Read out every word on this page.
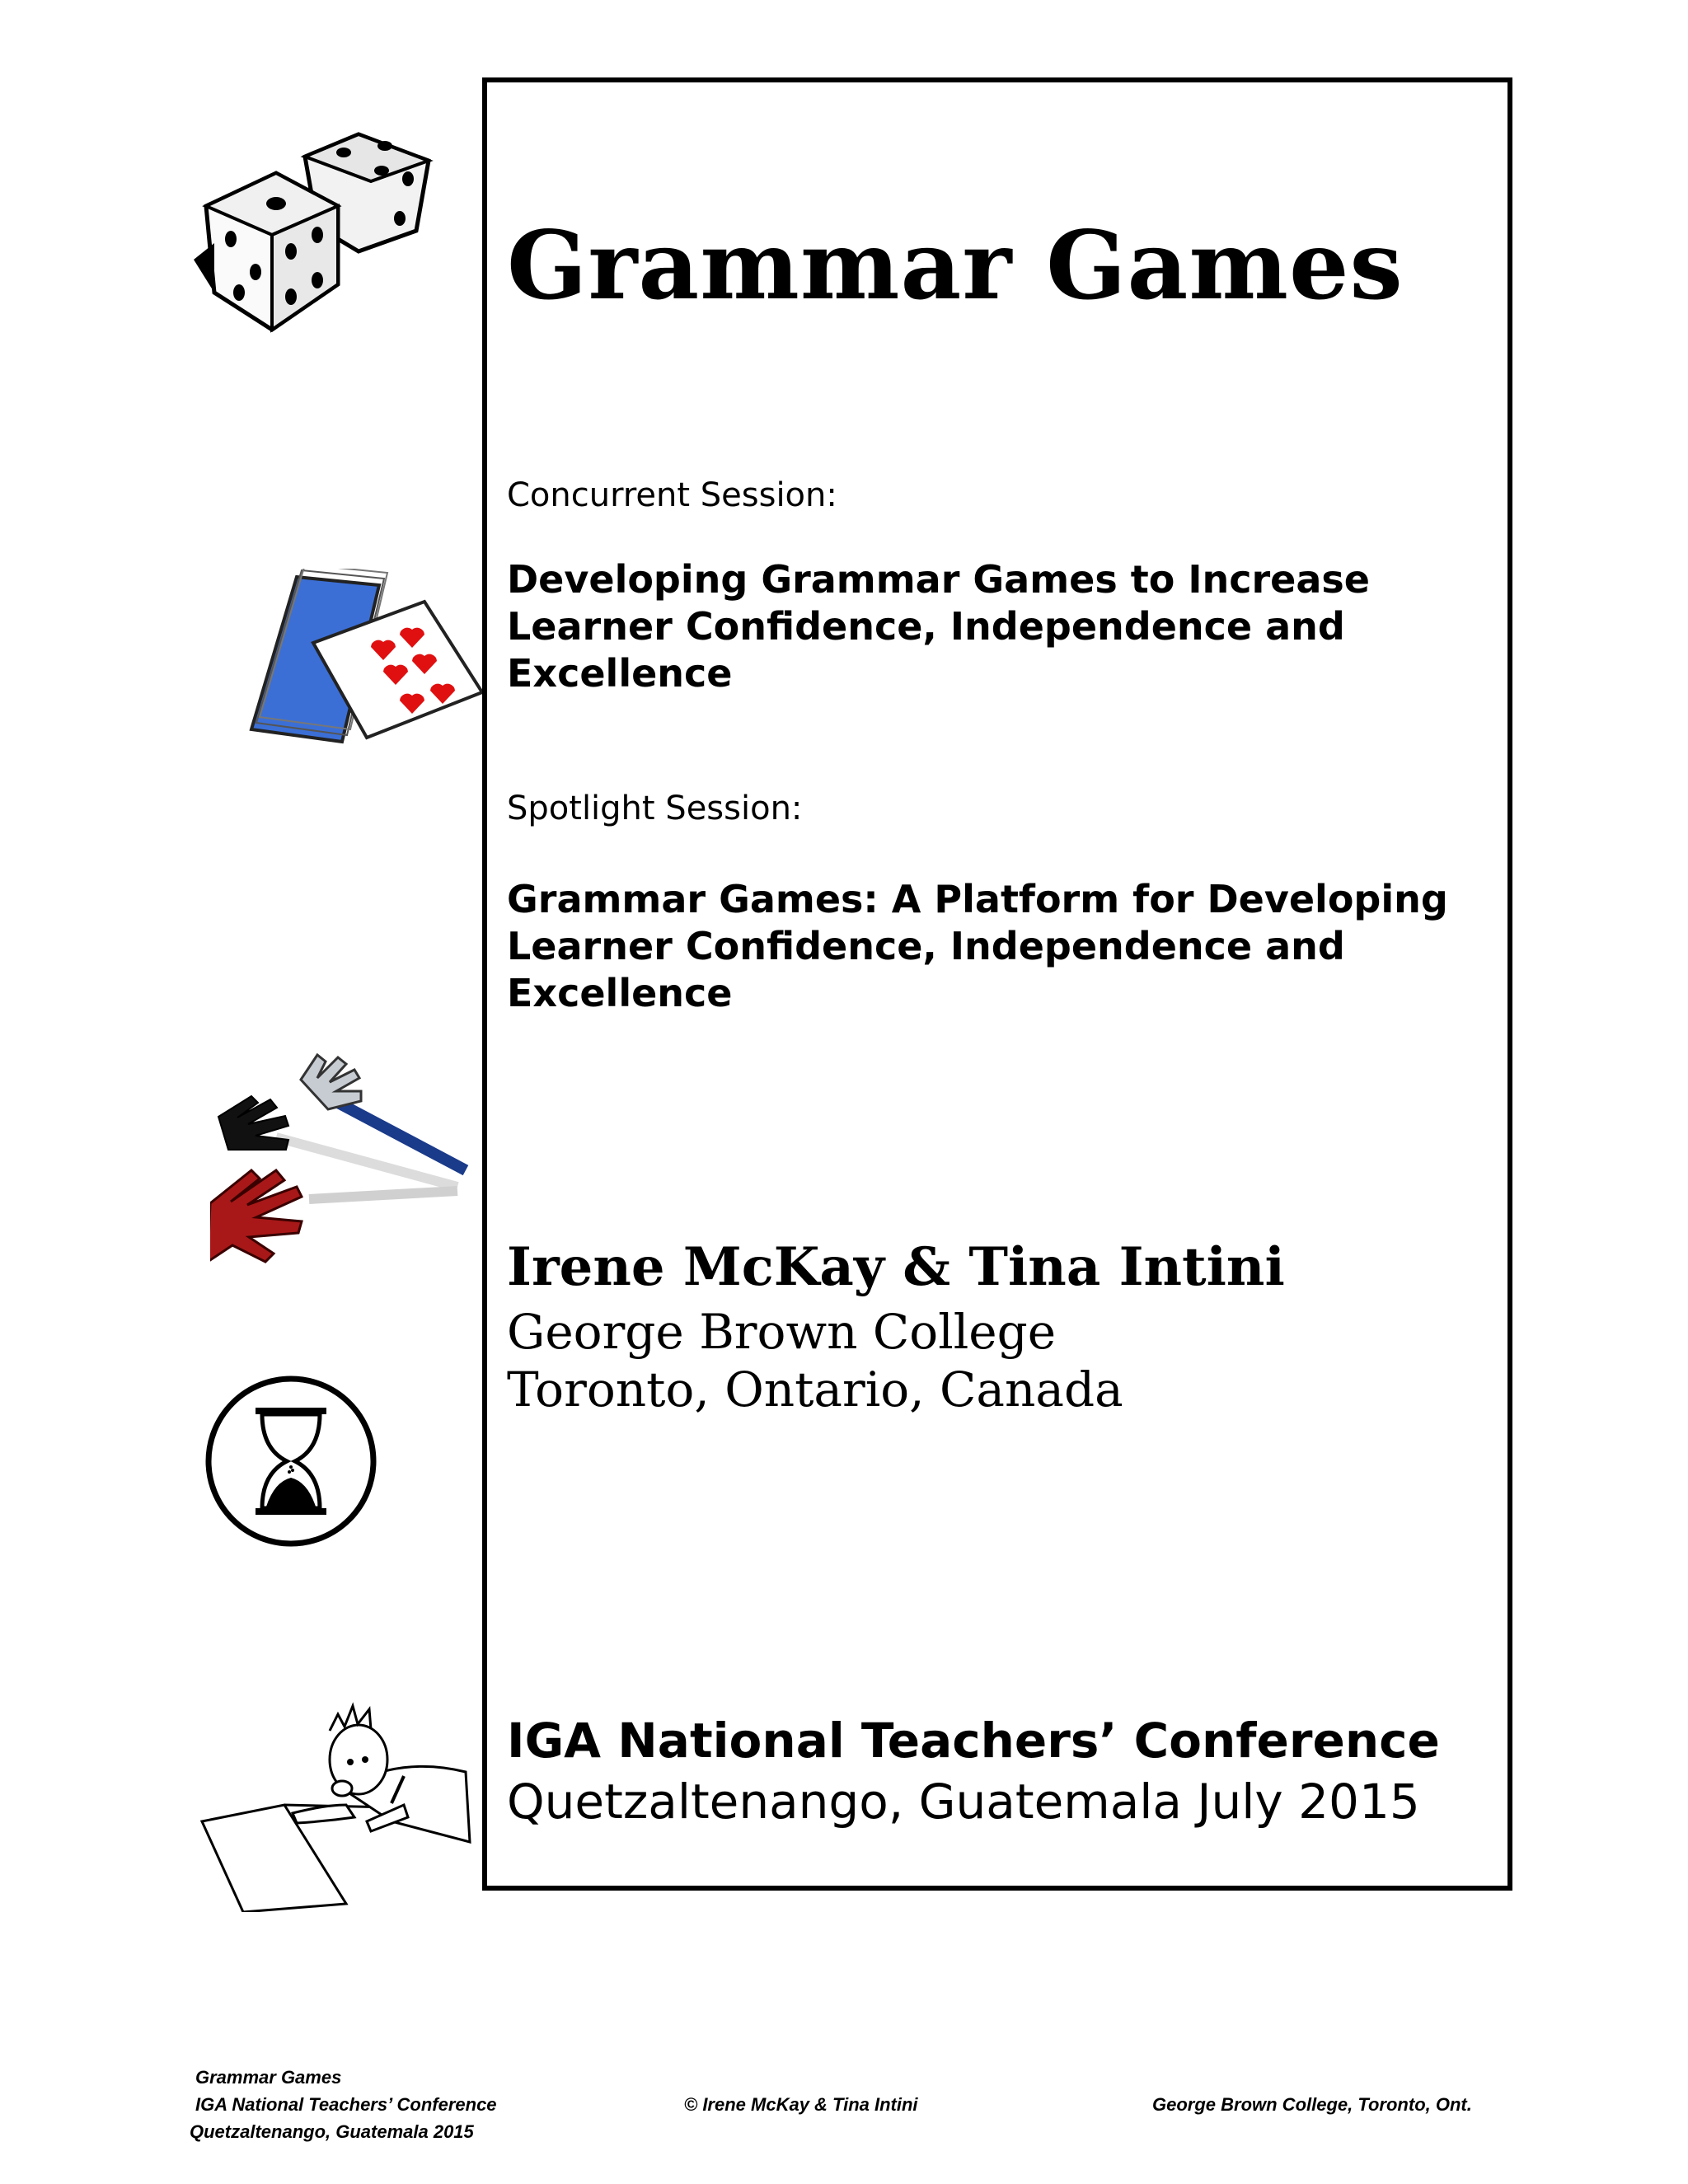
Grammar Games
Concurrent Session:
Developing Grammar Games to Increase
Learner Confidence, Independence and
Excellence
Spotlight Session:
Grammar Games: A Platform for Developing
Learner Confidence, Independence and
Excellence
Irene McKay & Tina Intini
George Brown College
Toronto, Ontario, Canada
IGA National Teachers’ Conference
Quetzaltenango, Guatemala July 2015
Grammar Games
IGA National Teachers’ Conference
Quetzaltenango, Guatemala 2015
© Irene McKay & Tina Intini	George Brown College, Toronto, Ont.
